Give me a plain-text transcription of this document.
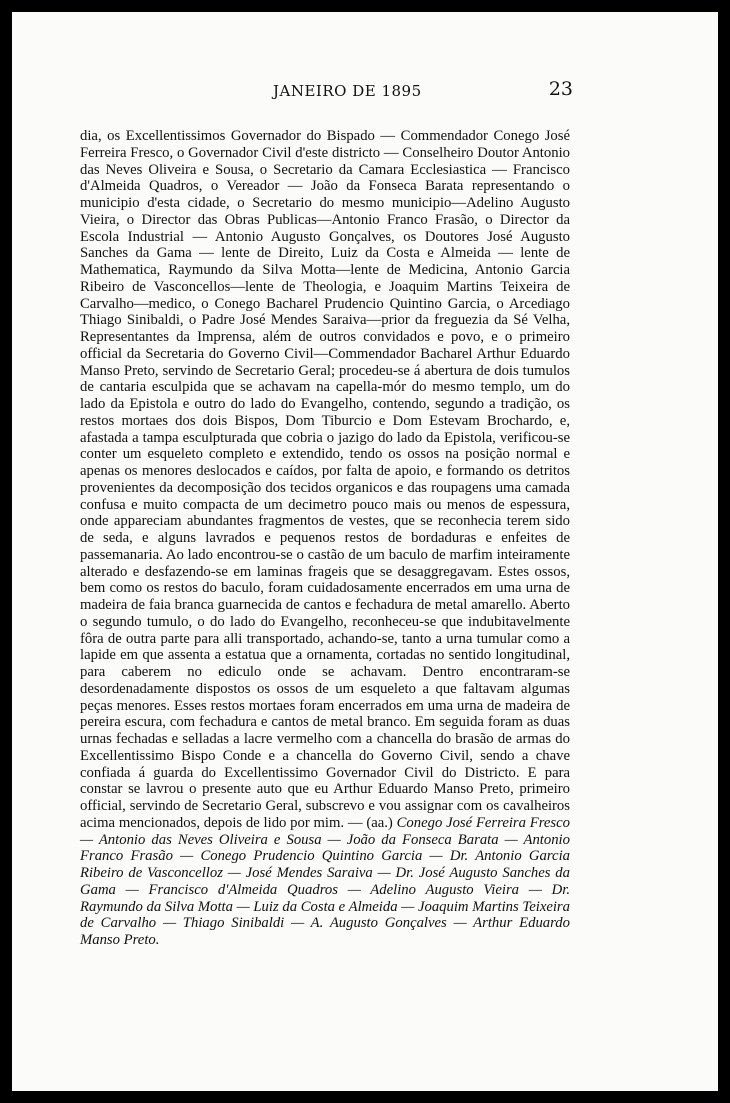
JANEIRO DE 1895	23

dia, os Excellentissimos Governador do Bispado — Commendador Conego José Ferreira Fresco, o Governador Civil d'este districto — Conselheiro Doutor Antonio das Neves Oliveira e Sousa, o Secretario da Camara Ecclesiastica — Francisco d'Almeida Quadros, o Vereador — João da Fonseca Barata representando o municipio d'esta cidade, o Secretario do mesmo municipio—Adelino Augusto Vieira, o Director das Obras Publicas—Antonio Franco Frasão, o Director da Escola Industrial — Antonio Augusto Gonçalves, os Doutores José Augusto Sanches da Gama — lente de Direito, Luiz da Costa e Almeida — lente de Mathematica, Raymundo da Silva Motta—lente de Medicina, Antonio Garcia Ribeiro de Vasconcellos—lente de Theologia, e Joaquim Martins Teixeira de Carvalho—medico, o Conego Bacharel Prudencio Quintino Garcia, o Arcediago Thiago Sinibaldi, o Padre José Mendes Saraiva—prior da freguezia da Sé Velha, Representantes da Imprensa, além de outros convidados e povo, e o primeiro official da Secretaria do Governo Civil—Commendador Bacharel Arthur Eduardo Manso Preto, servindo de Secretario Geral; procedeu-se á abertura de dois tumulos de cantaria esculpida que se achavam na capella-mór do mesmo templo, um do lado da Epistola e outro do lado do Evangelho, contendo, segundo a tradição, os restos mortaes dos dois Bispos, Dom Tiburcio e Dom Estevam Brochardo, e, afastada a tampa esculpturada que cobria o jazigo do lado da Epistola, verificou-se conter um esqueleto completo e extendido, tendo os ossos na posição normal e apenas os menores deslocados e caídos, por falta de apoio, e formando os detritos provenientes da decomposição dos tecidos organicos e das roupagens uma camada confusa e muito compacta de um decimetro pouco mais ou menos de espessura, onde appareciam abundantes fragmentos de vestes, que se reconhecia terem sido de seda, e alguns lavrados e pequenos restos de bordaduras e enfeites de passemanaria. Ao lado encontrou-se o castão de um baculo de marfim inteiramente alterado e desfazendo-se em laminas frageis que se desaggregavam. Estes ossos, bem como os restos do baculo, foram cuidadosamente encerrados em uma urna de madeira de faia branca guarnecida de cantos e fechadura de metal amarello. Aberto o segundo tumulo, o do lado do Evangelho, reconheceu-se que indubitavelmente fôra de outra parte para alli transportado, achando-se, tanto a urna tumular como a lapide em que assenta a estatua que a ornamenta, cortadas no sentido longitudinal, para caberem no ediculo onde se achavam. Dentro encontraram-se desordenadamente dispostos os ossos de um esqueleto a que faltavam algumas peças menores. Esses restos mortaes foram encerrados em uma urna de madeira de pereira escura, com fechadura e cantos de metal branco. Em seguida foram as duas urnas fechadas e selladas a lacre vermelho com a chancella do brasão de armas do Excellentissimo Bispo Conde e a chancella do Governo Civil, sendo a chave confiada á guarda do Excellentissimo Governador Civil do Districto. E para constar se lavrou o presente auto que eu Arthur Eduardo Manso Preto, primeiro official, servindo de Secretario Geral, subscrevo e vou assignar com os cavalheiros acima mencionados, depois de lido por mim. — (aa.) Conego José Ferreira Fresco — Antonio das Neves Oliveira e Sousa — João da Fonseca Barata — Antonio Franco Frasão — Conego Prudencio Quintino Garcia — Dr. Antonio Garcia Ribeiro de Vasconcelloz — José Mendes Saraiva — Dr. José Augusto Sanches da Gama — Francisco d'Almeida Quadros — Adelino Augusto Vieira — Dr. Raymundo da Silva Motta — Luiz da Costa e Almeida — Joaquim Martins Teixeira de Carvalho — Thiago Sinibaldi — A. Augusto Gonçalves — Arthur Eduardo Manso Preto.
